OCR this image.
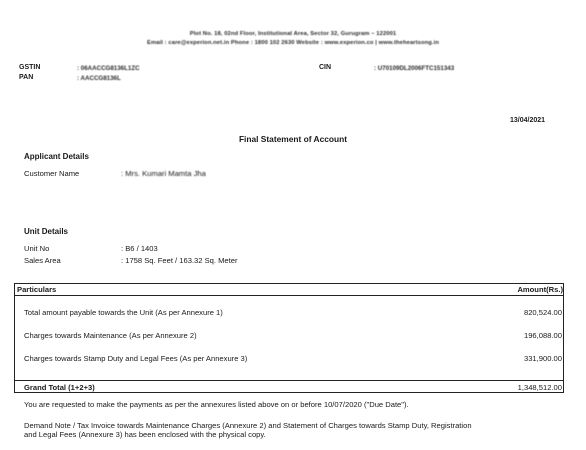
Plot No. 18, 02nd Floor, Institutional Area, Sector 32, Gurugram – 122001
Email : care@experion.net.in Phone : 1800 102 2630 Website : www.experion.co | www.theheartsong.in
GSTIN	: 06AACCG8136L1ZC
PAN	: AACCG8136L
CIN	: U70109DL2006FTC151343
13/04/2021
Final Statement of Account
Applicant Details
Customer Name	: Mrs. Kumari Mamta Jha
Unit Details
Unit No	: B6 / 1403
Sales Area	: 1758 Sq. Feet / 163.32 Sq. Meter
Particulars	Amount(Rs.)
Total amount payable towards the Unit (As per Annexure 1)	820,524.00
Charges towards Maintenance (As per Annexure 2)	196,088.00
Charges towards Stamp Duty and Legal Fees (As per Annexure 3)	331,900.00
Grand Total (1+2+3)	1,348,512.00
You are requested to make the payments as per the annexures listed above on or before 10/07/2020 ("Due Date").
Demand Note / Tax Invoice towards Maintenance Charges (Annexure 2) and Statement of Charges towards Stamp Duty, Registration
and Legal Fees (Annexure 3) has been enclosed with the physical copy.
